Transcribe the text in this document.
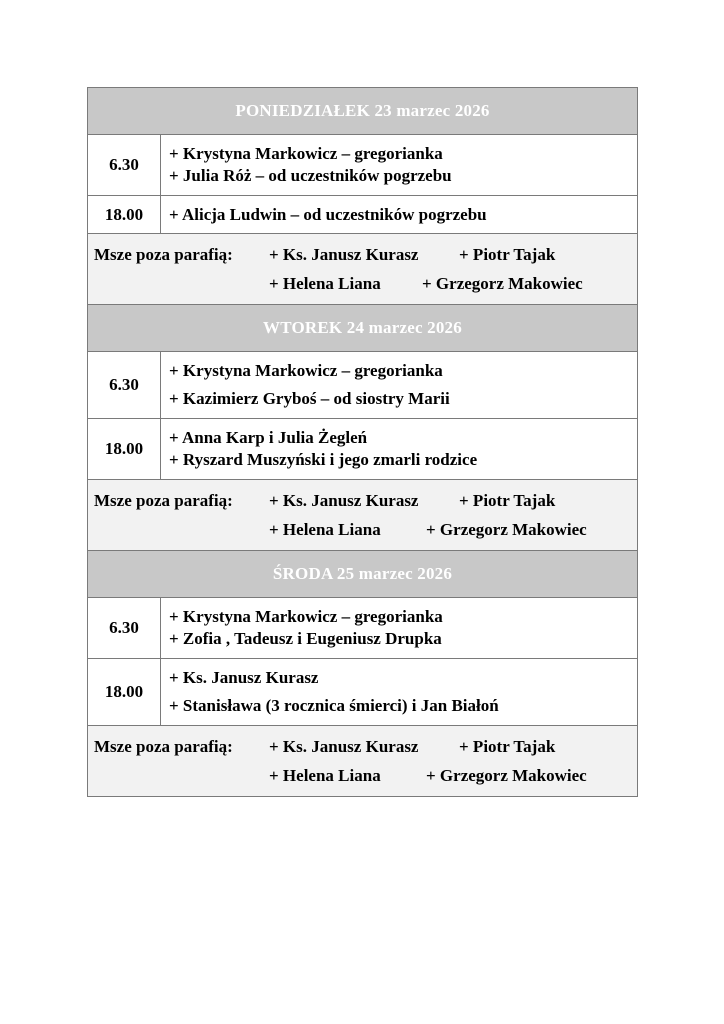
PONIEDZIAŁEK 23 marzec 2026	
6.30	+ Krystyna Markowicz – gregorianka
+ Julia Róż – od uczestników pogrzebu

18.00	+ Alicja Ludwin – od uczestników pogrzebu

Msze poza parafią: + Ks. Janusz Kurasz + Piotr Tajak
+ Helena Liana + Grzegorz Makowiec	

WTOREK 24 marzec 2026	
6.30	+ Krystyna Markowicz – gregorianka
+ Kazimierz Gryboś – od siostry Marii

18.00	+ Anna Karp i Julia Żegleń
+ Ryszard Muszyński i jego zmarli rodzice

Msze poza parafią: + Ks. Janusz Kurasz + Piotr Tajak
+ Helena Liana + Grzegorz Makowiec	

ŚRODA 25 marzec 2026	
6.30	+ Krystyna Markowicz – gregorianka
+ Zofia , Tadeusz i Eugeniusz Drupka

18.00	+ Ks. Janusz Kurasz
+ Stanisława (3 rocznica śmierci) i Jan Białoń

Msze poza parafią: + Ks. Janusz Kurasz + Piotr Tajak
+ Helena Liana + Grzegorz Makowiec	
